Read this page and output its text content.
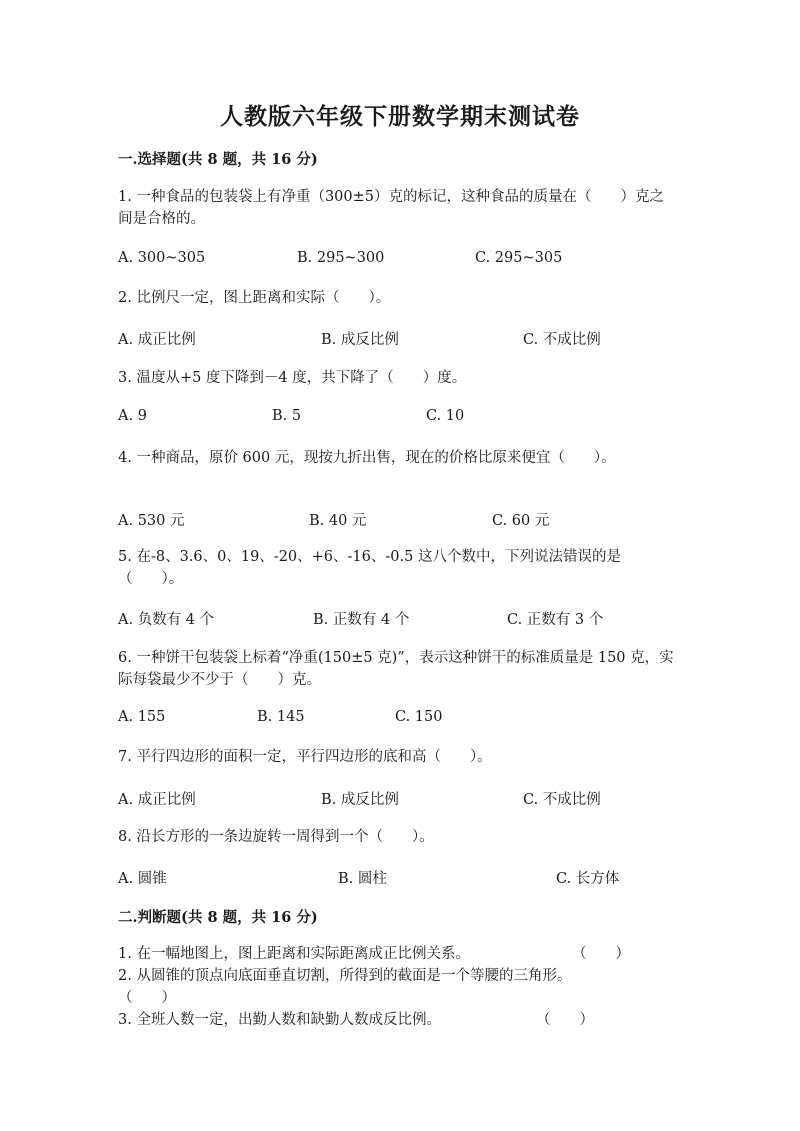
人教版六年级下册数学期末测试卷
一.选择题(共 8 题，共 16 分)
1. 一种食品的包装袋上有净重（300±5）克的标记，这种食品的质量在（　　）克之间是合格的。
A. 300~305	B. 295~300	C. 295~305
2. 比例尺一定，图上距离和实际（　　）。
A. 成正比例	B. 成反比例	C. 不成比例
3. 温度从+5 度下降到－4 度，共下降了（　　）度。
A. 9	B. 5	C. 10
4. 一种商品，原价 600 元，现按九折出售，现在的价格比原来便宜（　　）。
A. 530 元	B. 40 元	C. 60 元
5. 在-8、3.6、0、19、-20、+6、-16、-0.5 这八个数中，下列说法错误的是（　　）。
A. 负数有 4 个	B. 正数有 4 个	C. 正数有 3 个
6. 一种饼干包装袋上标着“净重(150±5 克)”，表示这种饼干的标准质量是 150 克，实际每袋最少不少于（　　）克。
A. 155	B. 145	C. 150
7. 平行四边形的面积一定，平行四边形的底和高（　　）。
A. 成正比例	B. 成反比例	C. 不成比例
8. 沿长方形的一条边旋转一周得到一个（　　）。
A. 圆锥	B. 圆柱	C. 长方体
二.判断题(共 8 题，共 16 分)
1. 在一幅地图上，图上距离和实际距离成正比例关系。	（　　）
2. 从圆锥的顶点向底面垂直切割，所得到的截面是一个等腰的三角形。
（　　）
3. 全班人数一定，出勤人数和缺勤人数成反比例。	（　　）
